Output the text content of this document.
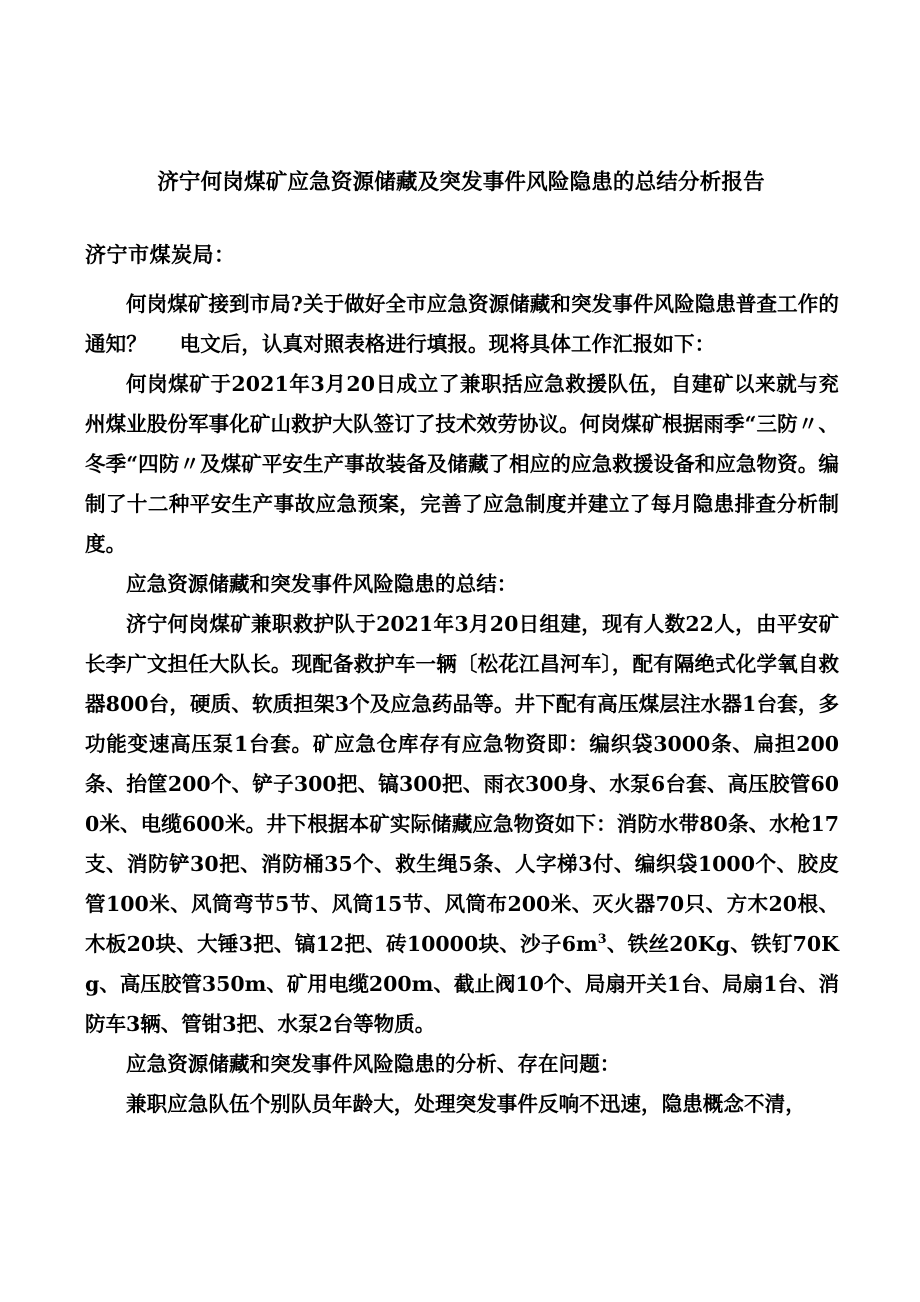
济宁何岗煤矿应急资源储藏及突发事件风险隐患的总结分析报告

济宁市煤炭局：

何岗煤矿接到市局?关于做好全市应急资源储藏和突发事件风险隐患普查工作的通知？ 电文后，认真对照表格进行填报。现将具体工作汇报如下：

何岗煤矿于2021年3月20日成立了兼职括应急救援队伍，自建矿以来就与兖州煤业股份军事化矿山救护大队签订了技术效劳协议。何岗煤矿根据雨季“三防〃、冬季“四防〃及煤矿平安生产事故装备及储藏了相应的应急救援设备和应急物资。编制了十二种平安生产事故应急预案，完善了应急制度并建立了每月隐患排查分析制度。

应急资源储藏和突发事件风险隐患的总结：

济宁何岗煤矿兼职救护队于2021年3月20日组建，现有人数22人，由平安矿长李广文担任大队长。现配备救护车一辆〔松花江昌河车〕，配有隔绝式化学氧自救器800台，硬质、软质担架3个及应急药品等。井下配有高压煤层注水器1台套，多功能变速高压泵1台套。矿应急仓库存有应急物资即：编织袋3000条、扁担200条、抬筐200个、铲子300把、镐300把、雨衣300身、水泵6台套、高压胶管600米、电缆600米。井下根据本矿实际储藏应急物资如下：消防水带80条、水枪17支、消防铲30把、消防桶35个、救生绳5条、人字梯3付、编织袋1000个、胶皮管100米、风筒弯节5节、风筒15节、风筒布200米、灭火器70只、方木20根、木板20块、大锤3把、镐12把、砖10000块、沙子$6m^3$、铁丝20Kg、铁钉70Kg、高压胶管350m、矿用电缆200m、截止阀10个、局扇开关1台、局扇1台、消防车3辆、管钳3把、水泵2台等物质。

应急资源储藏和突发事件风险隐患的分析、存在问题：

兼职应急队伍个别队员年龄大，处理突发事件反响不迅速，隐患概念不清，
